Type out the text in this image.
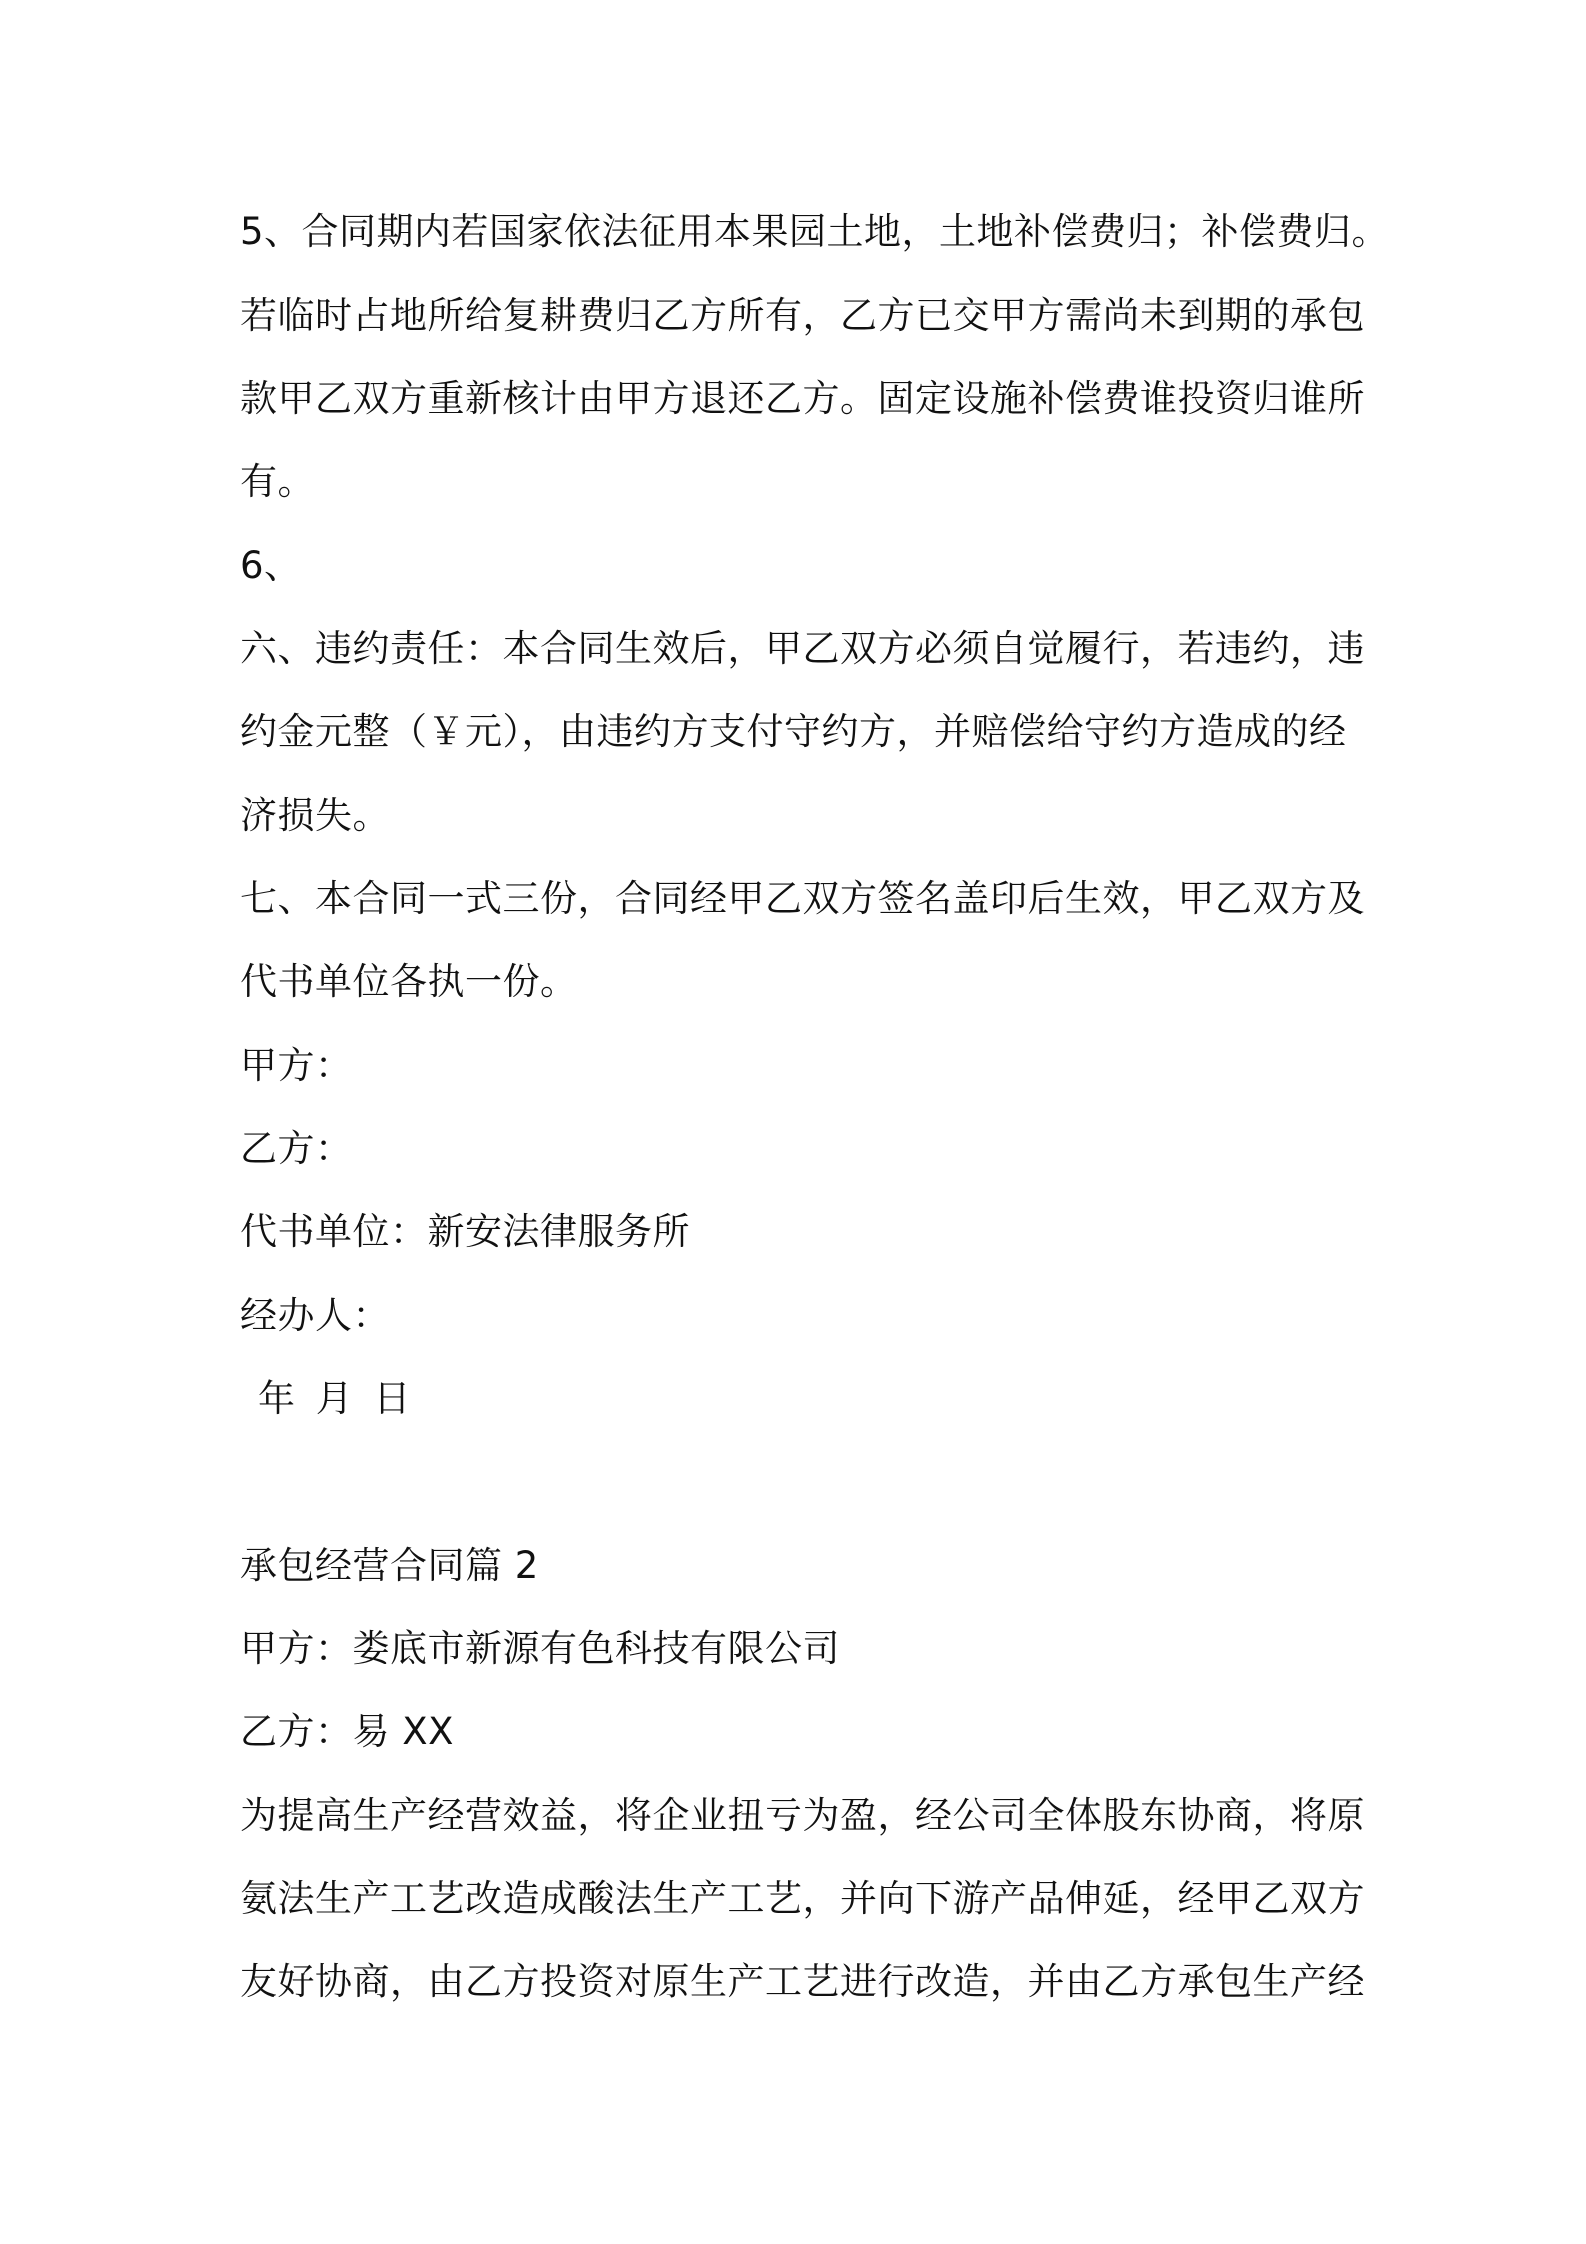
5、合同期内若国家依法征用本果园土地，土地补偿费归；补偿费归。
若临时占地所给复耕费归乙方所有，乙方已交甲方需尚未到期的承包
款甲乙双方重新核计由甲方退还乙方。固定设施补偿费谁投资归谁所
有。
6、
六、违约责任：本合同生效后，甲乙双方必须自觉履行，若违约，违
约金元整（￥元），由违约方支付守约方，并赔偿给守约方造成的经
济损失。
七、本合同一式三份，合同经甲乙双方签名盖印后生效，甲乙双方及
代书单位各执一份。
甲方：
乙方：
代书单位：新安法律服务所
经办人：
年 月 日
承包经营合同篇 2
甲方：娄底市新源有色科技有限公司
乙方：易 XX
为提高生产经营效益，将企业扭亏为盈，经公司全体股东协商，将原
氨法生产工艺改造成酸法生产工艺，并向下游产品伸延，经甲乙双方
友好协商，由乙方投资对原生产工艺进行改造，并由乙方承包生产经
